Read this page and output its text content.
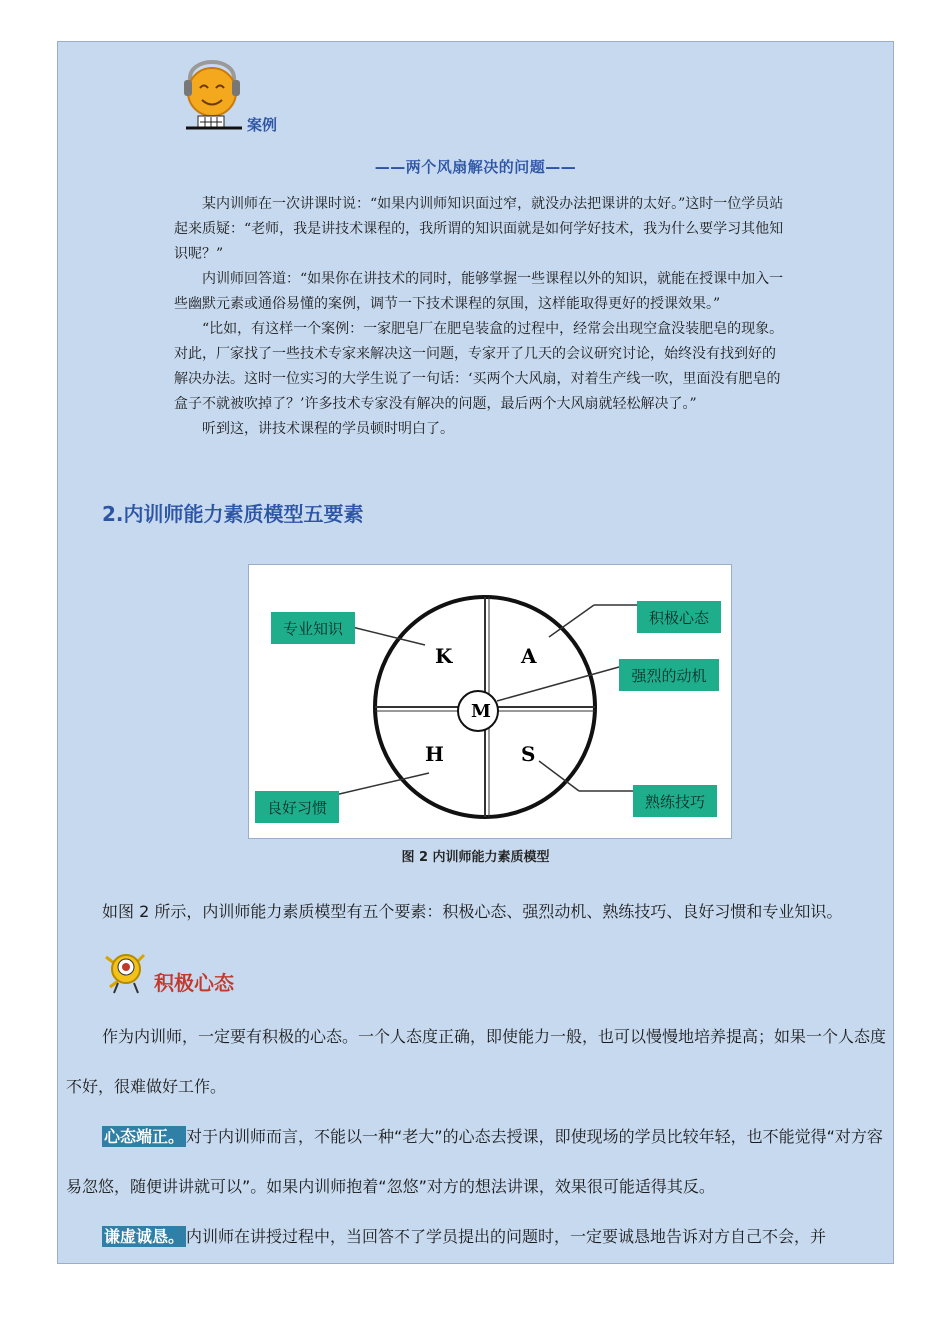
案例
——两个风扇解决的问题——

某内训师在一次讲课时说：“如果内训师知识面过窄，就没办法把课讲的太好。”这时一位学员站起来质疑：“老师，我是讲技术课程的，我所谓的知识面就是如何学好技术，我为什么要学习其他知识呢？”

内训师回答道：“如果你在讲技术的同时，能够掌握一些课程以外的知识，就能在授课中加入一些幽默元素或通俗易懂的案例，调节一下技术课程的氛围，这样能取得更好的授课效果。”

“比如，有这样一个案例：一家肥皂厂在肥皂装盒的过程中，经常会出现空盒没装肥皂的现象。对此，厂家找了一些技术专家来解决这一问题，专家开了几天的会议研究讨论，始终没有找到好的解决办法。这时一位实习的大学生说了一句话：‘买两个大风扇，对着生产线一吹，里面没有肥皂的盒子不就被吹掉了？’许多技术专家没有解决的问题，最后两个大风扇就轻松解决了。”

听到这，讲技术课程的学员顿时明白了。

2.内训师能力素质模型五要素
K	A
M
H	S
专业知识
积极心态
强烈的动机
良好习惯	熟练技巧
图 2 内训师能力素质模型
如图 2 所示，内训师能力素质模型有五个要素：积极心态、强烈动机、熟练技巧、良好习惯和专业知识。
积极心态

作为内训师，一定要有积极的心态。一个人态度正确，即使能力一般，也可以慢慢地培养提高；如果一个人态度不好，很难做好工作。

心态端正。 对于内训师而言，不能以一种“老大”的心态去授课，即使现场的学员比较年轻，也不能觉得“对方容易忽悠，随便讲讲就可以”。如果内训师抱着“忽悠”对方的想法讲课，效果很可能适得其反。

谦虚诚恳。 内训师在讲授过程中，当回答不了学员提出的问题时，一定要诚恳地告诉对方自己不会，并
